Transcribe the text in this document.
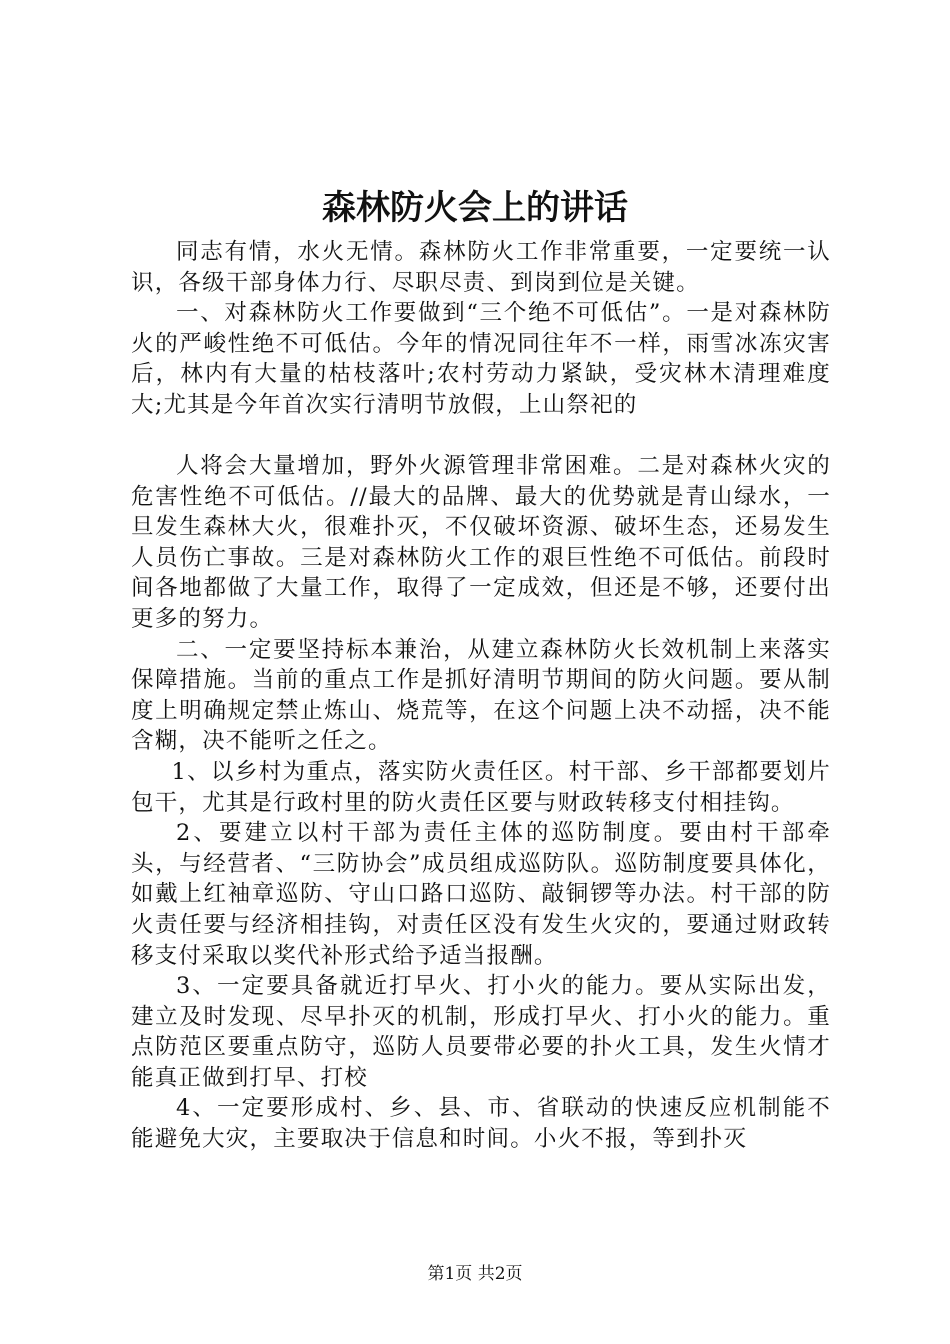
森林防火会上的讲话

同志有情，水火无情。森林防火工作非常重要，一定要统一认识，各级干部身体力行、尽职尽责、到岗到位是关键。

一、对森林防火工作要做到“三个绝不可低估”。一是对森林防火的严峻性绝不可低估。今年的情况同往年不一样，雨雪冰冻灾害后，林内有大量的枯枝落叶;农村劳动力紧缺，受灾林木清理难度大;尤其是今年首次实行清明节放假，上山祭祀的

人将会大量增加，野外火源管理非常困难。二是对森林火灾的危害性绝不可低估。//最大的品牌、最大的优势就是青山绿水，一旦发生森林大火，很难扑灭，不仅破坏资源、破坏生态，还易发生人员伤亡事故。三是对森林防火工作的艰巨性绝不可低估。前段时间各地都做了大量工作，取得了一定成效，但还是不够，还要付出更多的努力。

二、一定要坚持标本兼治，从建立森林防火长效机制上来落实保障措施。当前的重点工作是抓好清明节期间的防火问题。要从制度上明确规定禁止炼山、烧荒等，在这个问题上决不动摇，决不能含糊，决不能听之任之。

1、以乡村为重点，落实防火责任区。村干部、乡干部都要划片包干，尤其是行政村里的防火责任区要与财政转移支付相挂钩。

2、要建立以村干部为责任主体的巡防制度。要由村干部牵头，与经营者、“三防协会”成员组成巡防队。巡防制度要具体化，如戴上红袖章巡防、守山口路口巡防、敲铜锣等办法。村干部的防火责任要与经济相挂钩，对责任区没有发生火灾的，要通过财政转移支付采取以奖代补形式给予适当报酬。

3、一定要具备就近打早火、打小火的能力。要从实际出发，建立及时发现、尽早扑灭的机制，形成打早火、打小火的能力。重点防范区要重点防守，巡防人员要带必要的扑火工具，发生火情才能真正做到打早、打校

4、一定要形成村、乡、县、市、省联动的快速反应机制能不能避免大灾，主要取决于信息和时间。小火不报，等到扑灭

第1页 共2页
